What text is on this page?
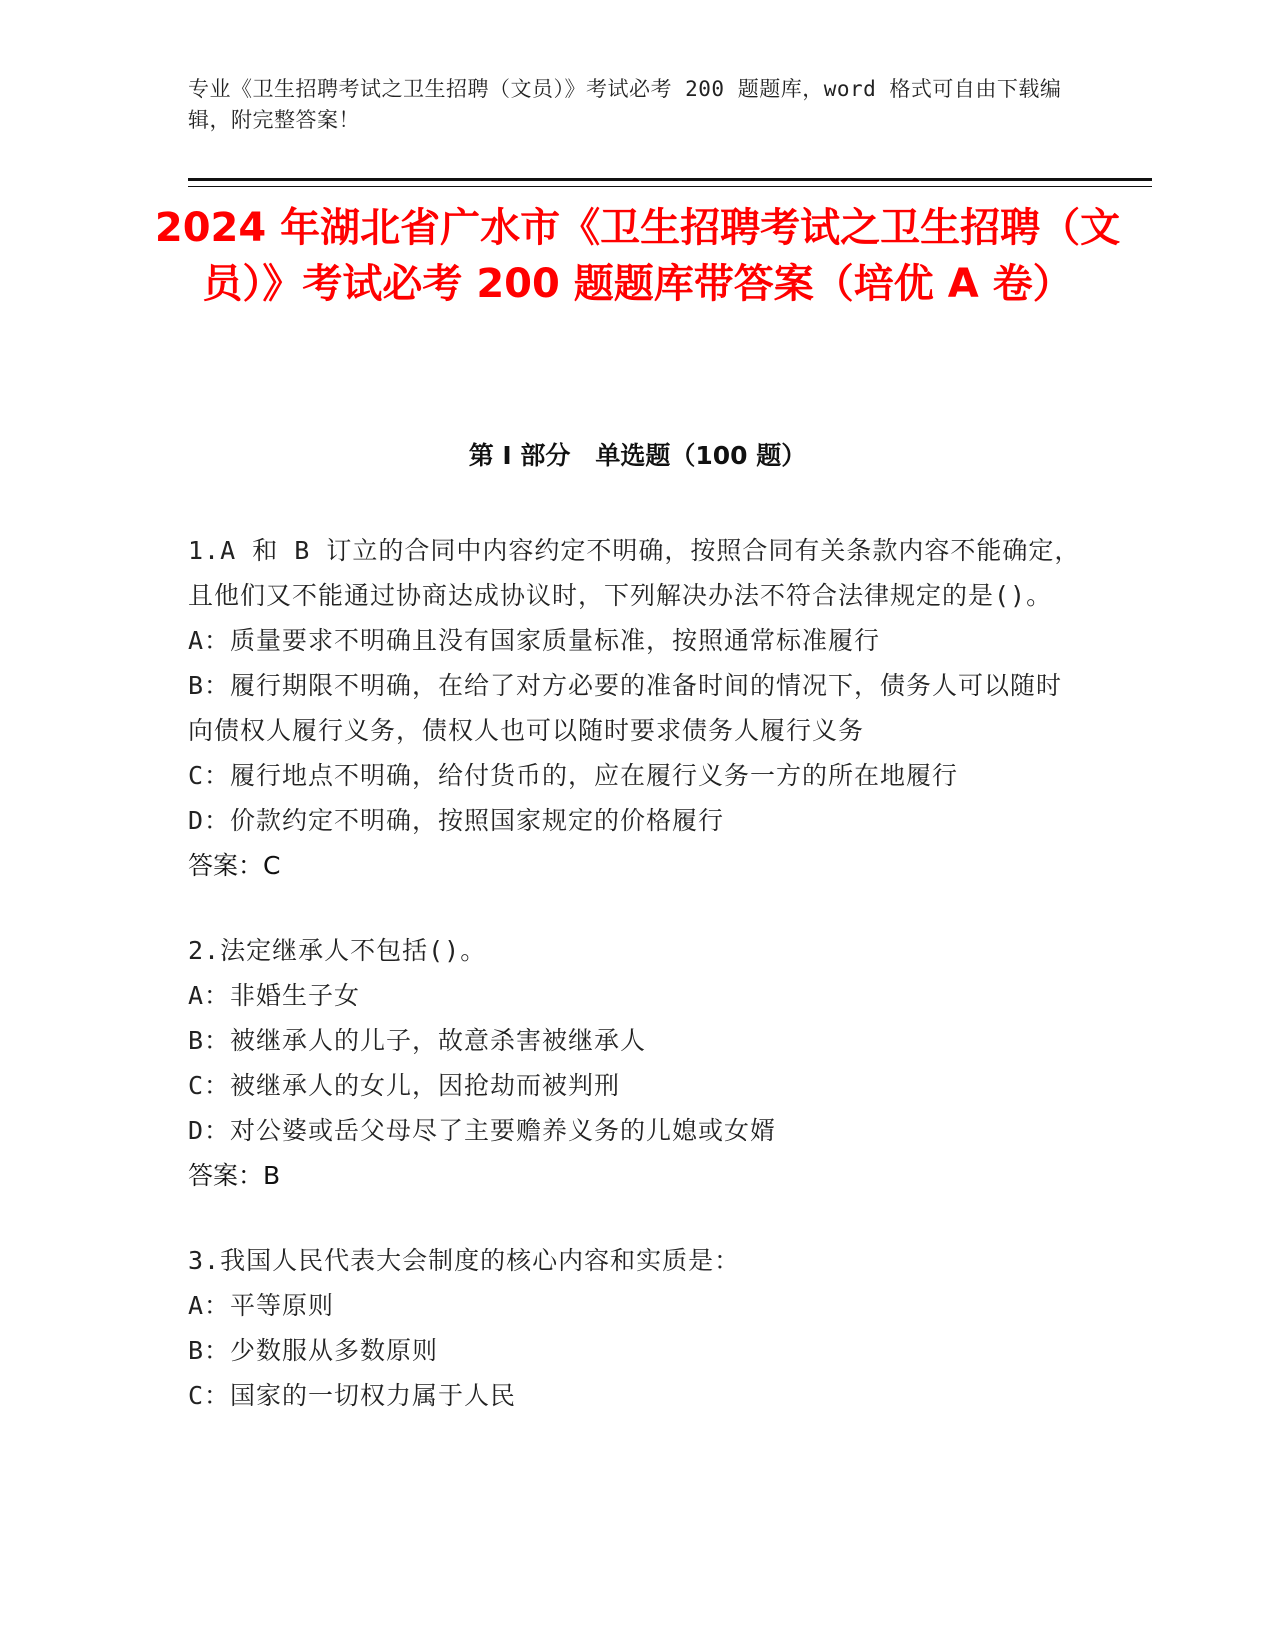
专业《卫生招聘考试之卫生招聘（文员）》考试必考 200 题题库，word 格式可自由下载编辑，附完整答案！
2024 年湖北省广水市《卫生招聘考试之卫生招聘（文员）》考试必考 200 题题库带答案（培优 A 卷）
第 I 部分　单选题（100 题）
1.A 和 B 订立的合同中内容约定不明确，按照合同有关条款内容不能确定，且他们又不能通过协商达成协议时，下列解决办法不符合法律规定的是()。
A：质量要求不明确且没有国家质量标准，按照通常标准履行
B：履行期限不明确，在给了对方必要的准备时间的情况下，债务人可以随时向债权人履行义务，债权人也可以随时要求债务人履行义务
C：履行地点不明确，给付货币的，应在履行义务一方的所在地履行
D：价款约定不明确，按照国家规定的价格履行
答案：C
2.法定继承人不包括()。
A：非婚生子女
B：被继承人的儿子，故意杀害被继承人
C：被继承人的女儿，因抢劫而被判刑
D：对公婆或岳父母尽了主要赡养义务的儿媳或女婿
答案：B
3.我国人民代表大会制度的核心内容和实质是：
A：平等原则
B：少数服从多数原则
C：国家的一切权力属于人民
